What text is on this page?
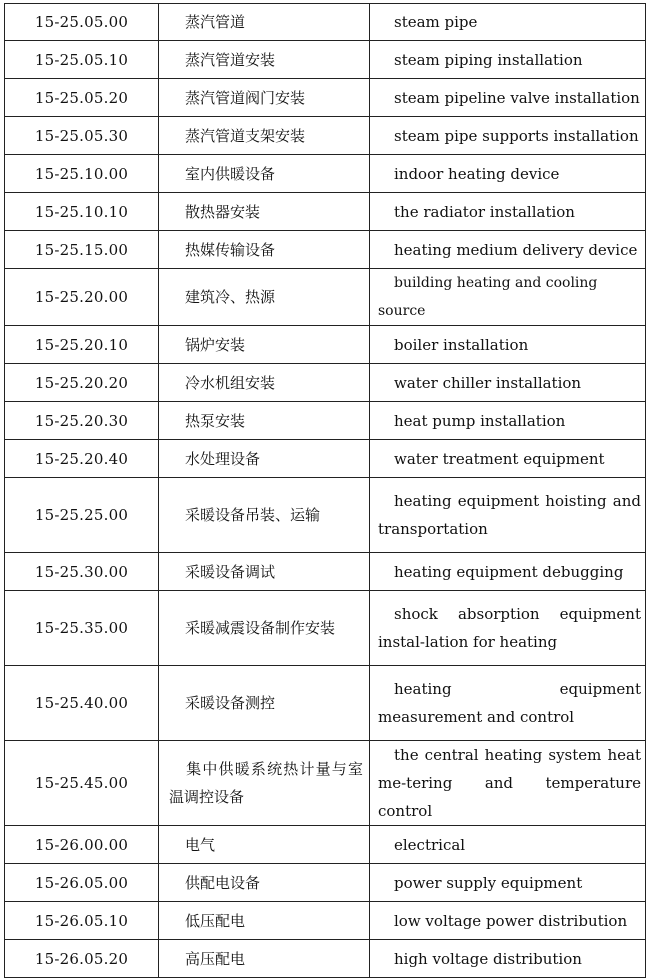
15-25.05.00	蒸汽管道	steam pipe
15-25.05.10	蒸汽管道安装	steam piping installation
15-25.05.20	蒸汽管道阀门安装	steam pipeline valve installation
15-25.05.30	蒸汽管道支架安装	steam pipe supports installation
15-25.10.00	室内供暖设备	indoor heating device
15-25.10.10	散热器安装	the radiator installation
15-25.15.00	热媒传输设备	heating medium delivery device
15-25.20.00	建筑冷、热源	building heating and cooling source
15-25.20.10	锅炉安装	boiler installation
15-25.20.20	冷水机组安装	water chiller installation
15-25.20.30	热泵安装	heat pump installation
15-25.20.40	水处理设备	water treatment equipment
15-25.25.00	采暖设备吊装、运输	heating equipment hoisting and transportation
15-25.30.00	采暖设备调试	heating equipment debugging
15-25.35.00	采暖减震设备制作安装	shock absorption equipment instal-lation for heating
15-25.40.00	采暖设备测控	heating equipment measurement and control
15-25.45.00	集中供暖系统热计量与室温调控设备	the central heating system heat me-tering and temperature control
15-26.00.00	电气	electrical
15-26.05.00	供配电设备	power supply equipment
15-26.05.10	低压配电	low voltage power distribution
15-26.05.20	高压配电	high voltage distribution
